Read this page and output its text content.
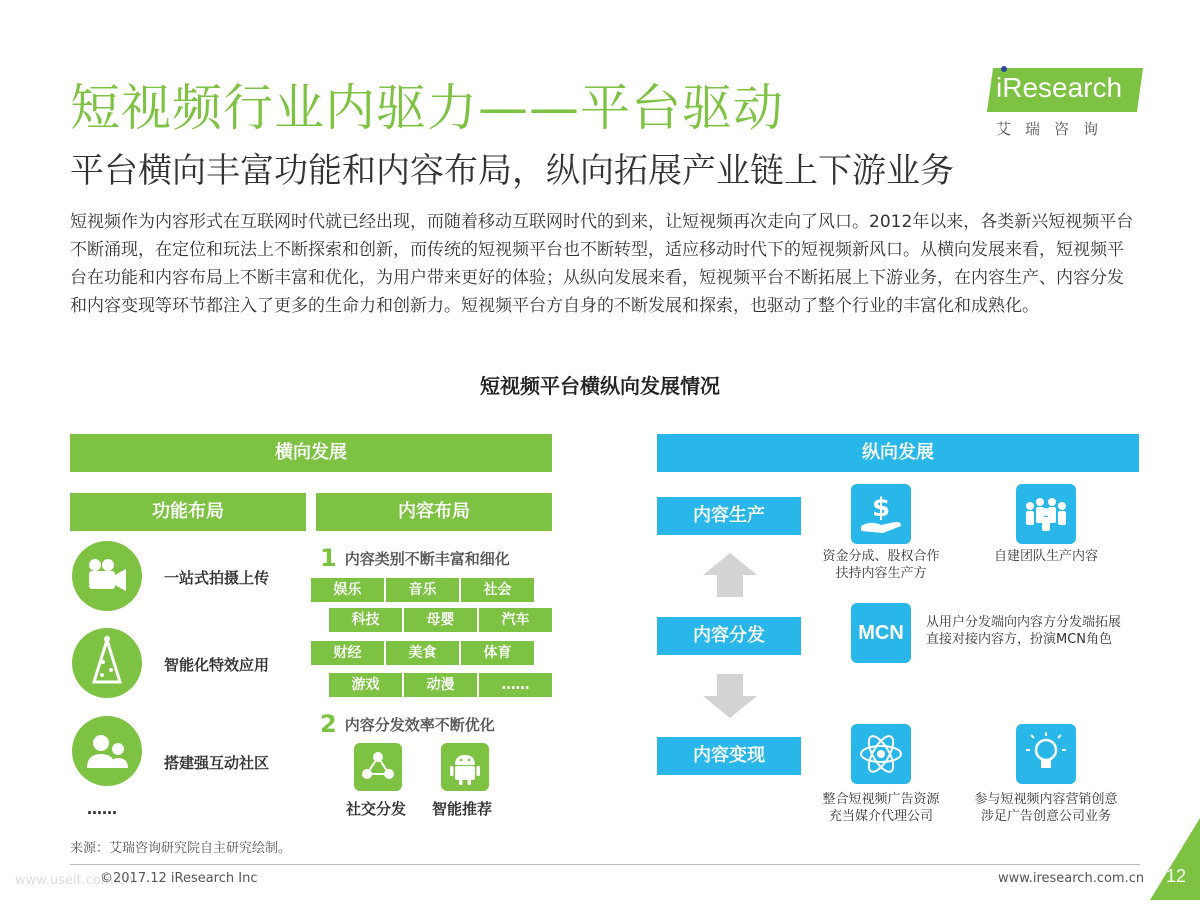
短视频行业内驱力——平台驱动
平台横向丰富功能和内容布局，纵向拓展产业链上下游业务
iResearch
艾瑞咨询
短视频作为内容形式在互联网时代就已经出现，而随着移动互联网时代的到来，让短视频再次走向了风口。2012年以来，各类新兴短视频平台不断涌现，在定位和玩法上不断探索和创新，而传统的短视频平台也不断转型，适应移动时代下的短视频新风口。从横向发展来看，短视频平台在功能和内容布局上不断丰富和优化，为用户带来更好的体验；从纵向发展来看，短视频平台不断拓展上下游业务，在内容生产、内容分发和内容变现等环节都注入了更多的生命力和创新力。短视频平台方自身的不断发展和探索，也驱动了整个行业的丰富化和成熟化。
短视频平台横纵向发展情况
横向发展
功能布局	内容布局
一站式拍摄上传
智能化特效应用
搭建强互动社区
……
1 内容类别不断丰富和细化
娱乐	音乐	社会
科技	母婴	汽车
财经	美食	体育
游戏	动漫	……
2 内容分发效率不断优化
社交分发 智能推荐
纵向发展
内容生产
内容分发
内容变现
$
资金分成、股权合作
扶持内容生产方
自建团队生产内容
MCN	从用户分发端向内容方分发端拓展
直接对接内容方，扮演MCN角色
整合短视频广告资源
充当媒介代理公司
参与短视频内容营销创意
涉足广告创意公司业务
来源：艾瑞咨询研究院自主研究绘制。
www.useit.com.cn
©2017.12 iResearch Inc	www.iresearch.com.cn 12
